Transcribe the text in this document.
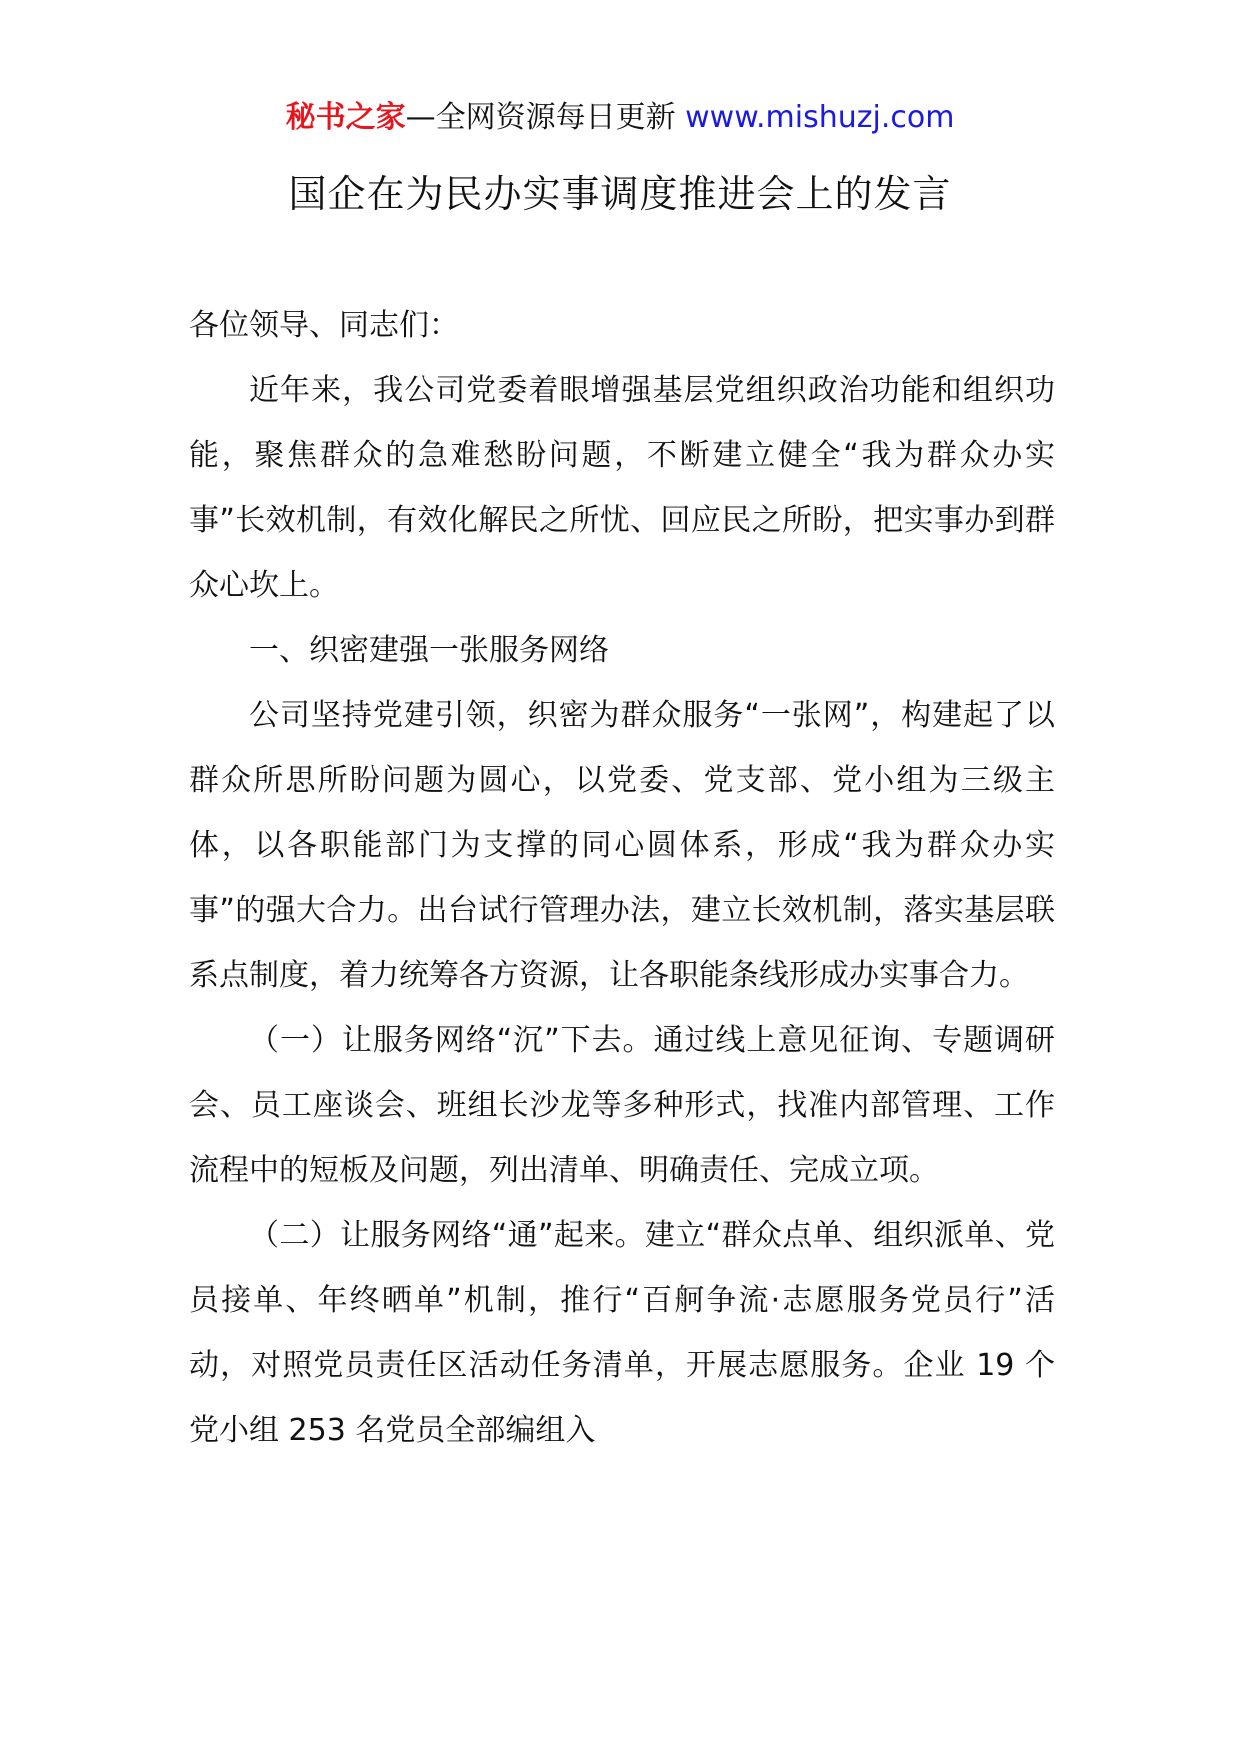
秘书之家—全网资源每日更新 www.mishuzj.com
国企在为民办实事调度推进会上的发言

各位领导、同志们：

近年来，我公司党委着眼增强基层党组织政治功能和组织功能，聚焦群众的急难愁盼问题，不断建立健全“我为群众办实事”长效机制，有效化解民之所忧、回应民之所盼，把实事办到群众心坎上。

一、织密建强一张服务网络

公司坚持党建引领，织密为群众服务“一张网”，构建起了以群众所思所盼问题为圆心，以党委、党支部、党小组为三级主体，以各职能部门为支撑的同心圆体系，形成“我为群众办实事”的强大合力。出台试行管理办法，建立长效机制，落实基层联系点制度，着力统筹各方资源，让各职能条线形成办实事合力。

（一）让服务网络“沉”下去。通过线上意见征询、专题调研会、员工座谈会、班组长沙龙等多种形式，找准内部管理、工作流程中的短板及问题，列出清单、明确责任、完成立项。

（二）让服务网络“通”起来。建立“群众点单、组织派单、党员接单、年终晒单”机制，推行“百舸争流·志愿服务党员行”活动，对照党员责任区活动任务清单，开展志愿服务。企业 19 个党小组 253 名党员全部编组入
